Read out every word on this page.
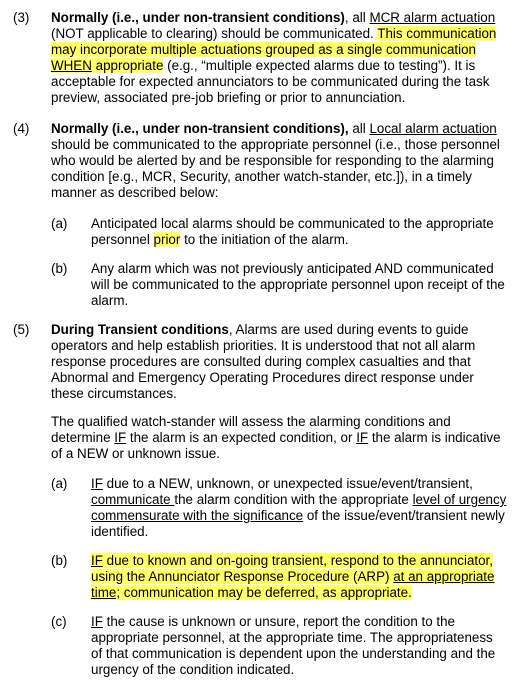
(3) Normally (i.e., under non-transient conditions), all MCR alarm actuation
(NOT applicable to clearing) should be communicated. This communication
may incorporate multiple actuations grouped as a single communication
WHEN appropriate (e.g., “multiple expected alarms due to testing”). It is
acceptable for expected annunciators to be communicated during the task
preview, associated pre-job briefing or prior to annunciation.
(4) Normally (i.e., under non-transient conditions), all Local alarm actuation
should be communicated to the appropriate personnel (i.e., those personnel
who would be alerted by and be responsible for responding to the alarming
condition [e.g., MCR, Security, another watch-stander, etc.]), in a timely
manner as described below:
(a) Anticipated local alarms should be communicated to the appropriate
personnel prior to the initiation of the alarm.
(b) Any alarm which was not previously anticipated AND communicated
will be communicated to the appropriate personnel upon receipt of the
alarm.
(5) During Transient conditions, Alarms are used during events to guide
operators and help establish priorities. It is understood that not all alarm
response procedures are consulted during complex casualties and that
Abnormal and Emergency Operating Procedures direct response under
these circumstances.
The qualified watch-stander will assess the alarming conditions and
determine IF the alarm is an expected condition, or IF the alarm is indicative
of a NEW or unknown issue.
(a) IF due to a NEW, unknown, or unexpected issue/event/transient,
communicate the alarm condition with the appropriate level of urgency
commensurate with the significance of the issue/event/transient newly
identified.
(b) IF due to known and on-going transient, respond to the annunciator,
using the Annunciator Response Procedure (ARP) at an appropriate
time; communication may be deferred, as appropriate.
(c) IF the cause is unknown or unsure, report the condition to the
appropriate personnel, at the appropriate time. The appropriateness
of that communication is dependent upon the understanding and the
urgency of the condition indicated.
